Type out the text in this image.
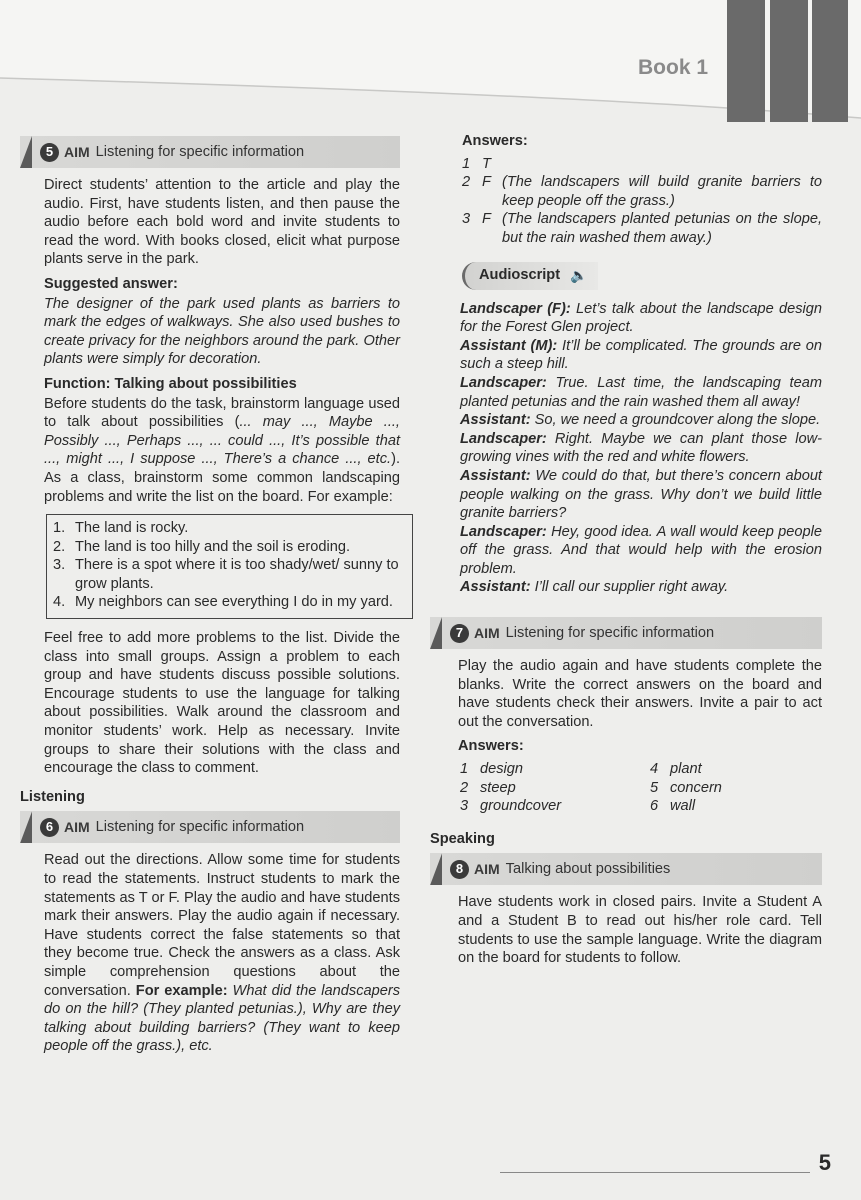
Book 1
5 AIM Listening for specific information

Direct students’ attention to the article and play the audio. First, have students listen, and then pause the audio before each bold word and invite students to read the word. With books closed, elicit what purpose plants serve in the park.

Suggested answer:

The designer of the park used plants as barriers to mark the edges of walkways. She also used bushes to create privacy for the neighbors around the park. Other plants were simply for decoration.

Function: Talking about possibilities

Before students do the task, brainstorm language used to talk about possibilities (... may ..., Maybe ..., Possibly ..., Perhaps ..., ... could ..., It’s possible that ..., might ..., I suppose ..., There’s a chance ..., etc.). As a class, brainstorm some common landscaping problems and write the list on the board. For example:

1. The land is rocky.
2. The land is too hilly and the soil is eroding.
3. There is a spot where it is too shady/wet/ sunny to grow plants.
4. My neighbors can see everything I do in my yard.

Feel free to add more problems to the list. Divide the class into small groups. Assign a problem to each group and have students discuss possible solutions. Encourage students to use the language for talking about possibilities. Walk around the classroom and monitor students’ work. Help as necessary. Invite groups to share their solutions with the class and encourage the class to comment.

Listening

6 AIM Listening for specific information

Read out the directions. Allow some time for students to read the statements. Instruct students to mark the statements as T or F. Play the audio and have students mark their answers. Play the audio again if necessary. Have students correct the false statements so that they become true. Check the answers as a class. Ask simple comprehension questions about the conversation. For example: What did the landscapers do on the hill? (They planted petunias.), Why are they talking about building barriers? (They want to keep people off the grass.), etc.

Answers:

1 T
2 F (The landscapers will build granite barriers to keep people off the grass.)
3 F (The landscapers planted petunias on the slope, but the rain washed them away.)
Audioscript 🔈

Landscaper (F): Let’s talk about the landscape design for the Forest Glen project.

Assistant (M): It’ll be complicated. The grounds are on such a steep hill.

Landscaper: True. Last time, the landscaping team planted petunias and the rain washed them all away!

Assistant: So, we need a groundcover along the slope.

Landscaper: Right. Maybe we can plant those low-growing vines with the red and white flowers.

Assistant: We could do that, but there’s concern about people walking on the grass. Why don’t we build little granite barriers?

Landscaper: Hey, good idea. A wall would keep people off the grass. And that would help with the erosion problem.

Assistant: I’ll call our supplier right away.

7 AIM Listening for specific information

Play the audio again and have students complete the blanks. Write the correct answers on the board and have students check their answers. Invite a pair to act out the conversation.

Answers:

1 design	4 plant
2 steep	5 concern
3 groundcover	6 wall

Speaking

8 AIM Talking about possibilities

Have students work in closed pairs. Invite a Student A and a Student B to read out his/her role card. Tell students to use the sample language. Write the diagram on the board for students to follow.

5
